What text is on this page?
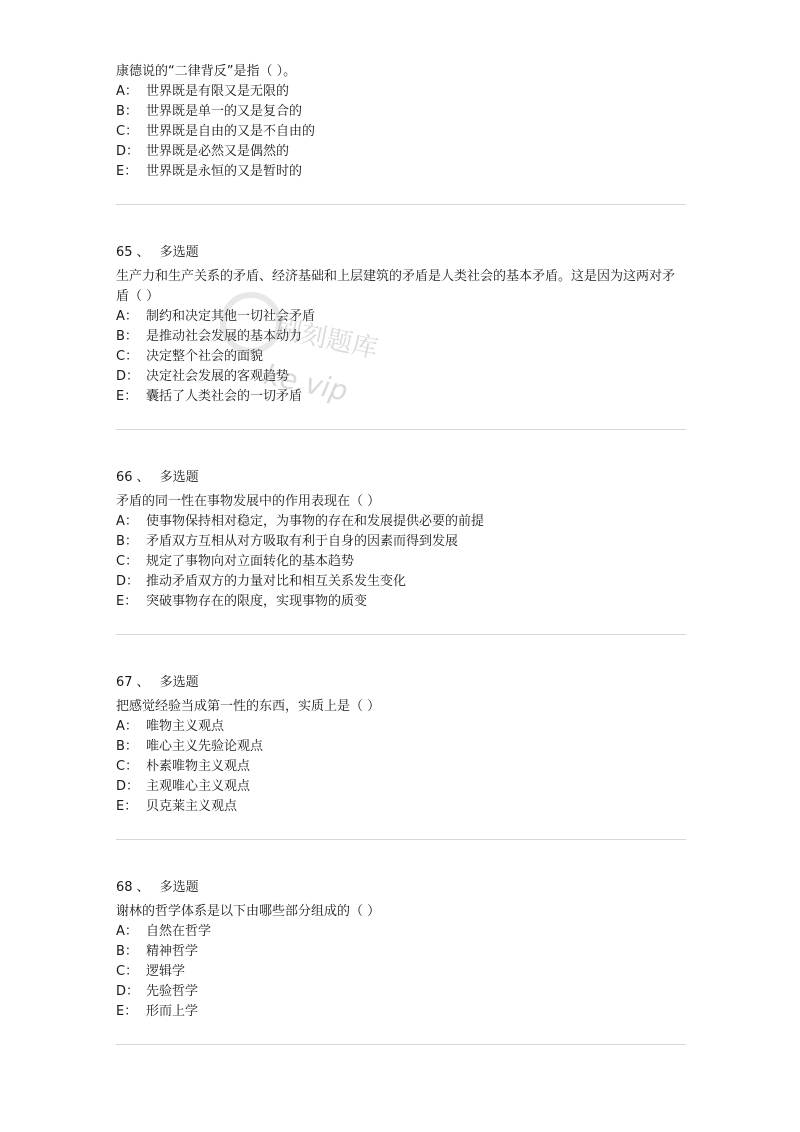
康德说的“二律背反”是指（ ）。
A： 世界既是有限又是无限的
B： 世界既是单一的又是复合的
C： 世界既是自由的又是不自由的
D： 世界既是必然又是偶然的
E： 世界既是永恒的又是暂时的
65 、 多选题
生产力和生产关系的矛盾、经济基础和上层建筑的矛盾是人类社会的基本矛盾。这是因为这两对矛盾（ ）
A： 制约和决定其他一切社会矛盾
B： 是推动社会发展的基本动力
C： 决定整个社会的面貌
D： 决定社会发展的客观趋势
E： 囊括了人类社会的一切矛盾
66 、 多选题
矛盾的同一性在事物发展中的作用表现在（ ）
A： 使事物保持相对稳定，为事物的存在和发展提供必要的前提
B： 矛盾双方互相从对方吸取有利于自身的因素而得到发展
C： 规定了事物向对立面转化的基本趋势
D： 推动矛盾双方的力量对比和相互关系发生变化
E： 突破事物存在的限度，实现事物的质变
67 、 多选题
把感觉经验当成第一性的东西，实质上是（ ）
A： 唯物主义观点
B： 唯心主义先验论观点
C： 朴素唯物主义观点
D： 主观唯心主义观点
E： 贝克莱主义观点
68 、 多选题
谢林的哲学体系是以下由哪些部分组成的（ ）
A： 自然在哲学
B： 精神哲学
C： 逻辑学
D： 先验哲学
E： 形而上学
刷刻题库
ke.vip
